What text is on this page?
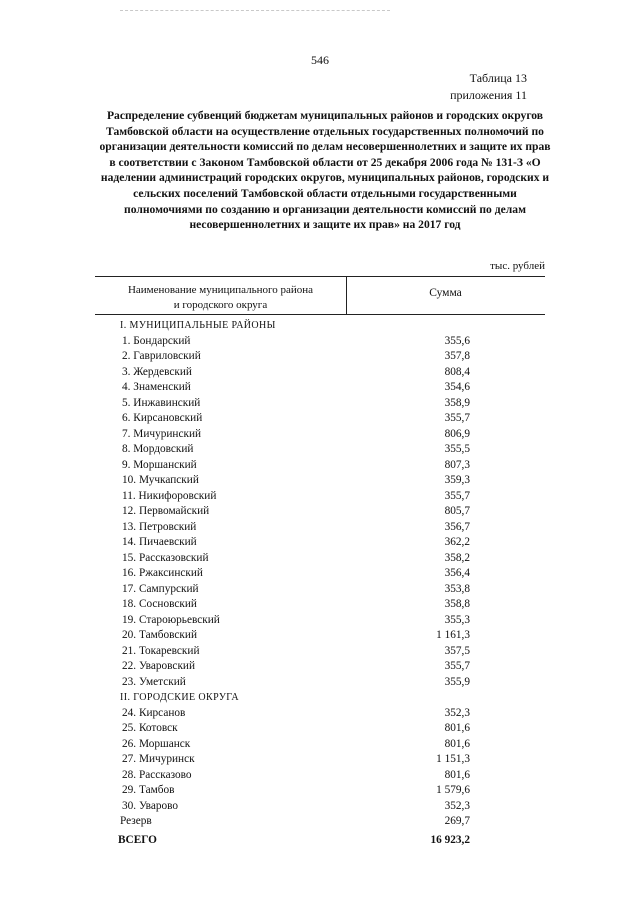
546
Таблица 13
приложения 11
Распределение субвенций бюджетам муниципальных районов и городских округов Тамбовской области на осуществление отдельных государственных полномочий по организации деятельности комиссий по делам несовершеннолетних и защите их прав в соответствии с Законом Тамбовской области от 25 декабря 2006 года № 131-З «О наделении администраций городских округов, муниципальных районов, городских и сельских поселений Тамбовской области отдельными государственными полномочиями по созданию и организации деятельности комиссий по делам несовершеннолетних и защите их прав» на 2017 год
тыс. рублей
Наименование муниципального района
и городского округа
Сумма
I. МУНИЦИПАЛЬНЫЕ РАЙОНЫ
1. Бондарский	355,6
2. Гавриловский	357,8
3. Жердевский	808,4
4. Знаменский	354,6
5. Инжавинский	358,9
6. Кирсановский	355,7
7. Мичуринский	806,9
8. Мордовский	355,5
9. Моршанский	807,3
10. Мучкапский	359,3
11. Никифоровский	355,7
12. Первомайский	805,7
13. Петровский	356,7
14. Пичаевский	362,2
15. Рассказовский	358,2
16. Ржаксинский	356,4
17. Сампурский	353,8
18. Сосновский	358,8
19. Староюрьевский	355,3
20. Тамбовский	1 161,3
21. Токаревский	357,5
22. Уваровский	355,7
23. Уметский	355,9
II. ГОРОДСКИЕ ОКРУГА
24. Кирсанов	352,3
25. Котовск	801,6
26. Моршанск	801,6
27. Мичуринск	1 151,3
28. Рассказово	801,6
29. Тамбов	1 579,6
30. Уварово	352,3
Резерв	269,7
ВСЕГО	16 923,2
